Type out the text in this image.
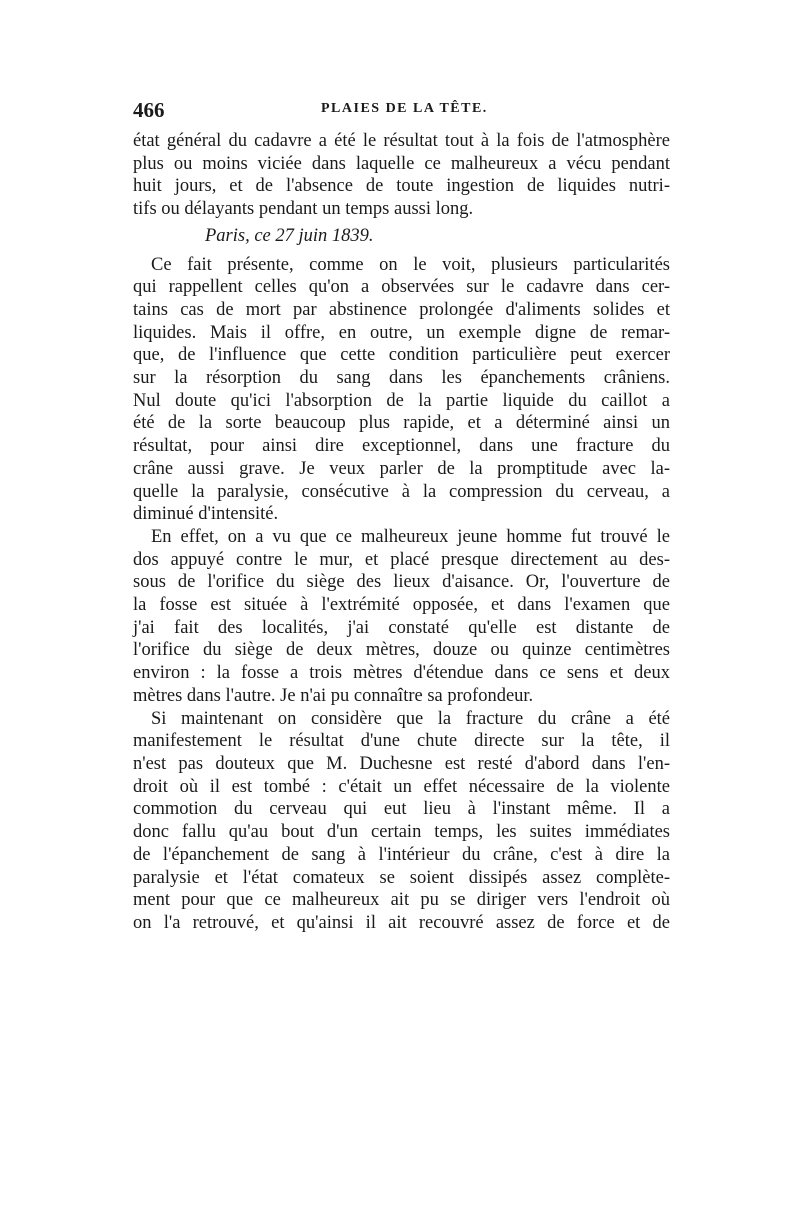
466	PLAIES DE LA TÊTE.
état général du cadavre a été le résultat tout à la fois de l'atmosphère
plus ou moins viciée dans laquelle ce malheureux a vécu pendant
huit jours, et de l'absence de toute ingestion de liquides nutri-
tifs ou délayants pendant un temps aussi long.
Paris, ce 27 juin 1839.
Ce fait présente, comme on le voit, plusieurs particularités
qui rappellent celles qu'on a observées sur le cadavre dans cer-
tains cas de mort par abstinence prolongée d'aliments solides et
liquides. Mais il offre, en outre, un exemple digne de remar-
que, de l'influence que cette condition particulière peut exercer
sur la résorption du sang dans les épanchements crâniens.
Nul doute qu'ici l'absorption de la partie liquide du caillot a
été de la sorte beaucoup plus rapide, et a déterminé ainsi un
résultat, pour ainsi dire exceptionnel, dans une fracture du
crâne aussi grave. Je veux parler de la promptitude avec la-
quelle la paralysie, consécutive à la compression du cerveau, a
diminué d'intensité.
En effet, on a vu que ce malheureux jeune homme fut trouvé le
dos appuyé contre le mur, et placé presque directement au des-
sous de l'orifice du siège des lieux d'aisance. Or, l'ouverture de
la fosse est située à l'extrémité opposée, et dans l'examen que
j'ai fait des localités, j'ai constaté qu'elle est distante de
l'orifice du siège de deux mètres, douze ou quinze centimètres
environ : la fosse a trois mètres d'étendue dans ce sens et deux
mètres dans l'autre. Je n'ai pu connaître sa profondeur.
Si maintenant on considère que la fracture du crâne a été
manifestement le résultat d'une chute directe sur la tête, il
n'est pas douteux que M. Duchesne est resté d'abord dans l'en-
droit où il est tombé : c'était un effet nécessaire de la violente
commotion du cerveau qui eut lieu à l'instant même. Il a
donc fallu qu'au bout d'un certain temps, les suites immédiates
de l'épanchement de sang à l'intérieur du crâne, c'est à dire la
paralysie et l'état comateux se soient dissipés assez complète-
ment pour que ce malheureux ait pu se diriger vers l'endroit où
on l'a retrouvé, et qu'ainsi il ait recouvré assez de force et de
